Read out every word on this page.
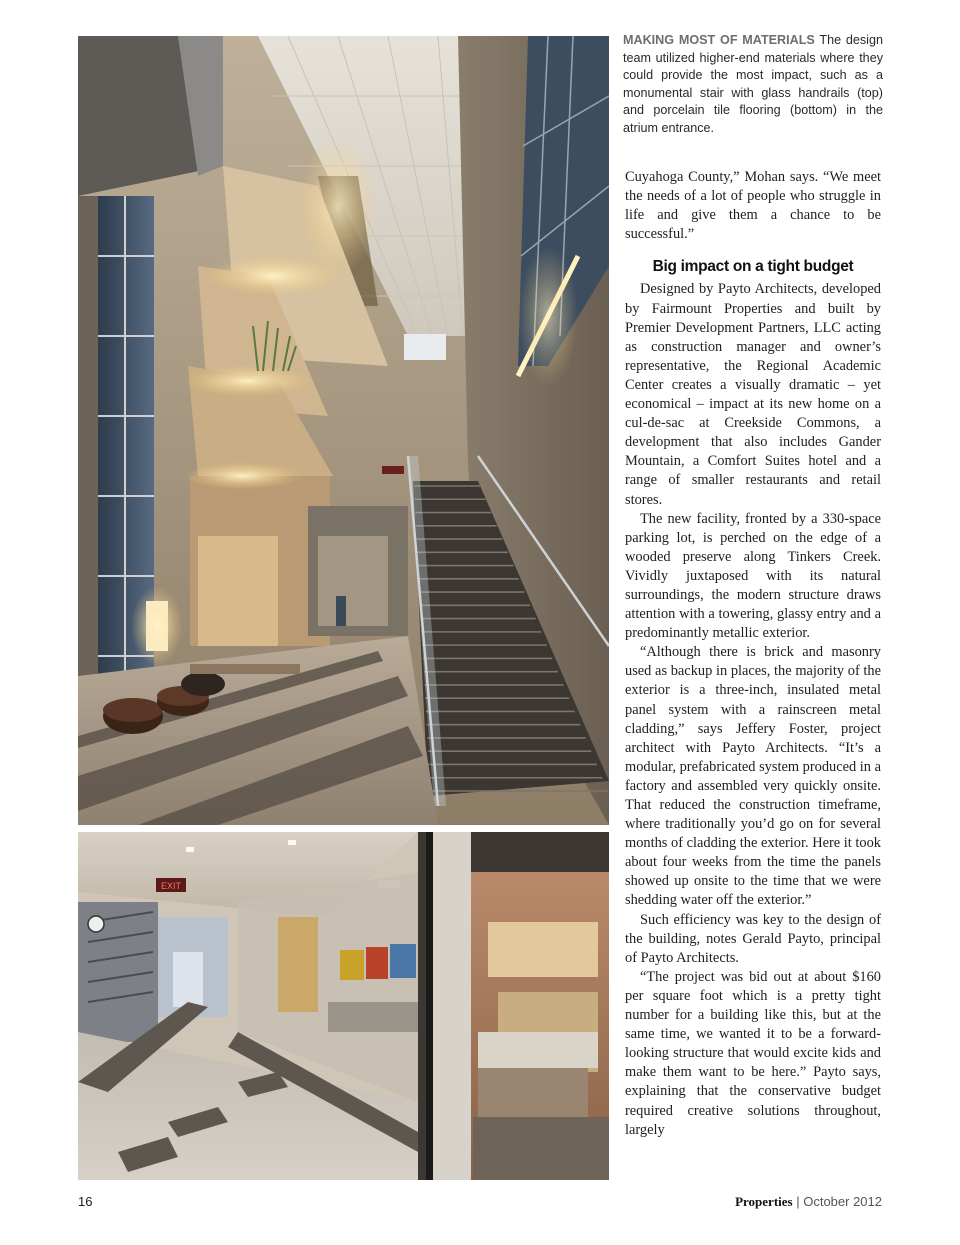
EXIT
MAKING MOST OF MATERIALS The design team utilized higher-end materials where they could provide the most impact, such as a monumental stair with glass handrails (top) and porcelain tile flooring (bottom) in the atrium entrance.

Cuyahoga County,” Mohan says. “We meet the needs of a lot of people who struggle in life and give them a chance to be successful.”

Big impact on a tight budget

Designed by Payto Architects, developed by Fairmount Properties and built by Premier Development Partners, LLC acting as construction manager and owner’s representative, the Regional Academic Center creates a visually dramatic – yet economical – impact at its new home on a cul-de-sac at Creekside Commons, a development that also includes Gander Mountain, a Comfort Suites hotel and a range of smaller restaurants and retail stores.

The new facility, fronted by a 330-space parking lot, is perched on the edge of a wooded preserve along Tinkers Creek. Vividly juxtaposed with its natural surroundings, the modern structure draws attention with a towering, glassy entry and a predominantly metallic exterior.

“Although there is brick and masonry used as backup in places, the majority of the exterior is a three-inch, insulated metal panel system with a rainscreen metal cladding,” says Jeffery Foster, project architect with Payto Architects. “It’s a modular, prefabricated system produced in a factory and assembled very quickly onsite. That reduced the construction timeframe, where traditionally you’d go on for several months of cladding the exterior. Here it took about four weeks from the time the panels showed up onsite to the time that we were shedding water off the exterior.”

Such efficiency was key to the design of the building, notes Gerald Payto, principal of Payto Architects.

“The project was bid out at about $160 per square foot which is a pretty tight number for a building like this, but at the same time, we wanted it to be a forward-looking structure that would excite kids and make them want to be here.” Payto says, explaining that the conservative budget required creative solutions throughout, largely

16	Properties | October 2012
